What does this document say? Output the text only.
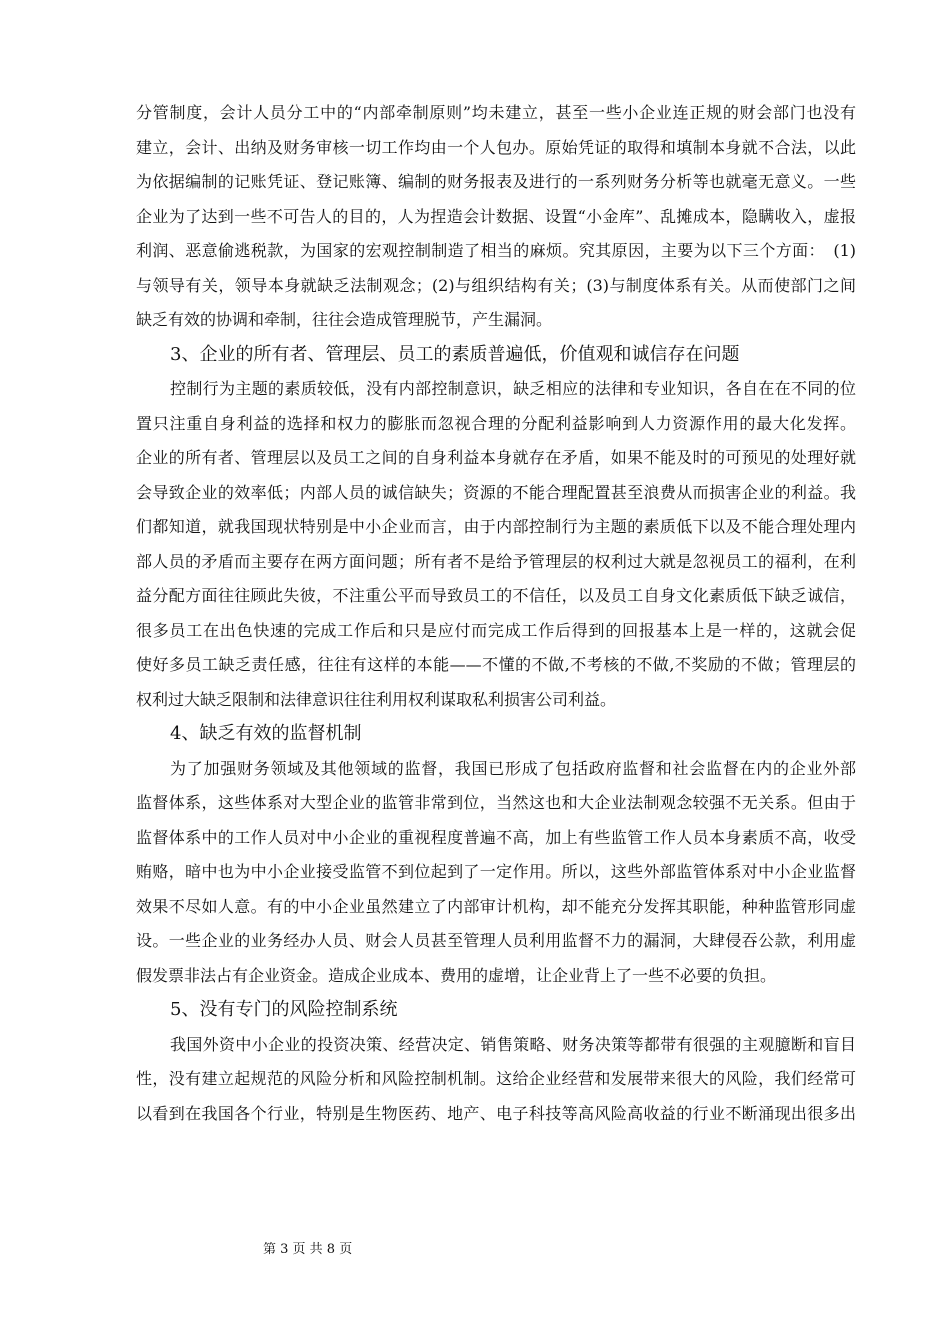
分管制度，会计人员分工中的“内部牵制原则”均未建立，甚至一些小企业连正规的财会部门也没有
建立，会计、出纳及财务审核一切工作均由一个人包办。原始凭证的取得和填制本身就不合法，以此
为依据编制的记账凭证、登记账簿、编制的财务报表及进行的一系列财务分析等也就毫无意义。一些
企业为了达到一些不可告人的目的，人为捏造会计数据、设置“小金库”、乱摊成本，隐瞒收入，虚报
利润、恶意偷逃税款，为国家的宏观控制制造了相当的麻烦。究其原因，主要为以下三个方面：　(1)
与领导有关，领导本身就缺乏法制观念；(2)与组织结构有关；(3)与制度体系有关。从而使部门之间
缺乏有效的协调和牵制，往往会造成管理脱节，产生漏洞。
3、企业的所有者、管理层、员工的素质普遍低，价值观和诚信存在问题
控制行为主题的素质较低，没有内部控制意识，缺乏相应的法律和专业知识，各自在在不同的位
置只注重自身利益的选择和权力的膨胀而忽视合理的分配利益影响到人力资源作用的最大化发挥。
企业的所有者、管理层以及员工之间的自身利益本身就存在矛盾，如果不能及时的可预见的处理好就
会导致企业的效率低；内部人员的诚信缺失；资源的不能合理配置甚至浪费从而损害企业的利益。我
们都知道，就我国现状特别是中小企业而言，由于内部控制行为主题的素质低下以及不能合理处理内
部人员的矛盾而主要存在两方面问题；所有者不是给予管理层的权利过大就是忽视员工的福利，在利
益分配方面往往顾此失彼，不注重公平而导致员工的不信任，以及员工自身文化素质低下缺乏诚信，
很多员工在出色快速的完成工作后和只是应付而完成工作后得到的回报基本上是一样的，这就会促
使好多员工缺乏责任感，往往有这样的本能——不懂的不做,不考核的不做,不奖励的不做；管理层的
权利过大缺乏限制和法律意识往往利用权利谋取私利损害公司利益。
4、缺乏有效的监督机制
为了加强财务领域及其他领域的监督，我国已形成了包括政府监督和社会监督在内的企业外部
监督体系，这些体系对大型企业的监管非常到位，当然这也和大企业法制观念较强不无关系。但由于
监督体系中的工作人员对中小企业的重视程度普遍不高，加上有些监管工作人员本身素质不高，收受
贿赂，暗中也为中小企业接受监管不到位起到了一定作用。所以，这些外部监管体系对中小企业监督
效果不尽如人意。有的中小企业虽然建立了内部审计机构，却不能充分发挥其职能，种种监管形同虚
设。一些企业的业务经办人员、财会人员甚至管理人员利用监督不力的漏洞，大肆侵吞公款，利用虚
假发票非法占有企业资金。造成企业成本、费用的虚增，让企业背上了一些不必要的负担。
5、没有专门的风险控制系统
我国外资中小企业的投资决策、经营决定、销售策略、财务决策等都带有很强的主观臆断和盲目
性，没有建立起规范的风险分析和风险控制机制。这给企业经营和发展带来很大的风险，我们经常可
以看到在我国各个行业，特别是生物医药、地产、电子科技等高风险高收益的行业不断涌现出很多出
第 3 页 共 8 页
